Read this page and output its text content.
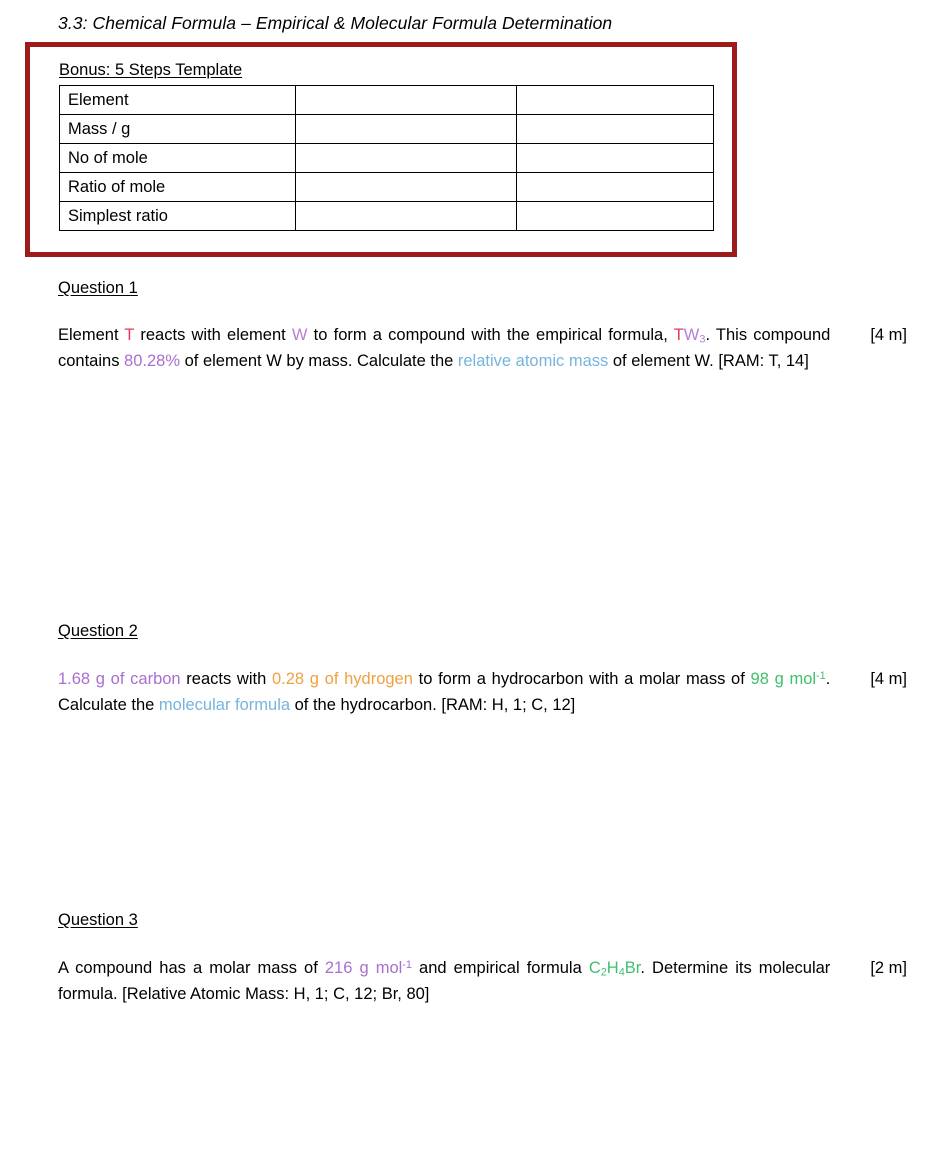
3.3: Chemical Formula – Empirical & Molecular Formula Determination
Bonus: 5 Steps Template
Element		
Mass / g		
No of mole		
Ratio of mole		
Simplest ratio		
Question 1
[4 m]
Element T reacts with element W to form a compound with the empirical formula, $TW_3$. This compound contains 80.28% of element W by mass. Calculate the relative atomic mass of element W. [RAM: T, 14]
Question 2
[4 m]
1.68 g of carbon reacts with 0.28 g of hydrogen to form a hydrocarbon with a molar mass of 98 g mol$^{-1}$. Calculate the molecular formula of the hydrocarbon. [RAM: H, 1; C, 12]
Question 3
[2 m]
A compound has a molar mass of 216 g mol$^{-1}$ and empirical formula $C_2H_4Br$. Determine its molecular formula. [Relative Atomic Mass: H, 1; C, 12; Br, 80]
